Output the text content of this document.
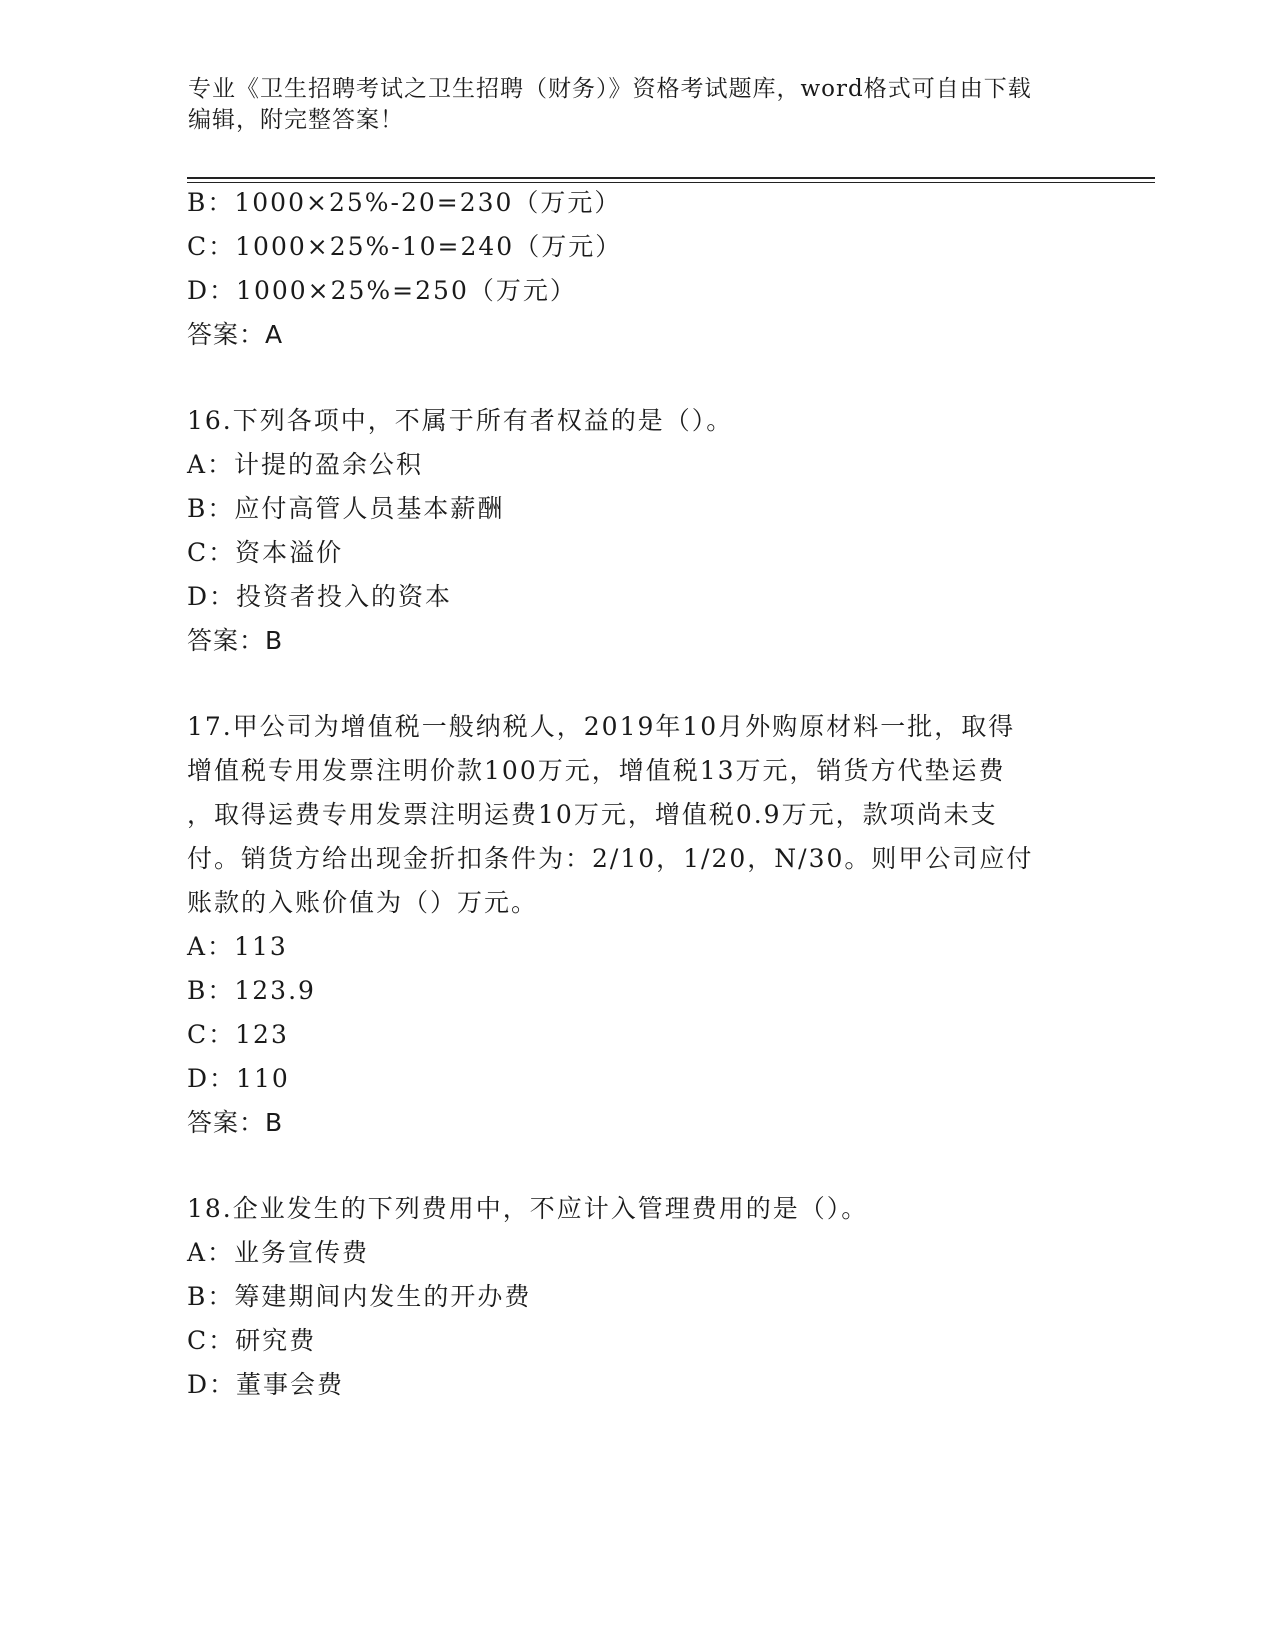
专业《卫生招聘考试之卫生招聘（财务）》资格考试题库，word格式可自由下载
编辑，附完整答案！
B：1000×25%-20=230（万元）
C：1000×25%-10=240（万元）
D：1000×25%=250（万元）
答案：A
16.下列各项中，不属于所有者权益的是（）。
A：计提的盈余公积
B：应付高管人员基本薪酬
C：资本溢价
D：投资者投入的资本
答案：B
17.甲公司为增值税一般纳税人，2019年10月外购原材料一批，取得
增值税专用发票注明价款100万元，增值税13万元，销货方代垫运费
，取得运费专用发票注明运费10万元，增值税0.9万元，款项尚未支
付。销货方给出现金折扣条件为：2/10，1/20，N/30。则甲公司应付
账款的入账价值为（）万元。
A：113
B：123.9
C：123
D：110
答案：B
18.企业发生的下列费用中，不应计入管理费用的是（）。
A：业务宣传费
B：筹建期间内发生的开办费
C：研究费
D：董事会费
